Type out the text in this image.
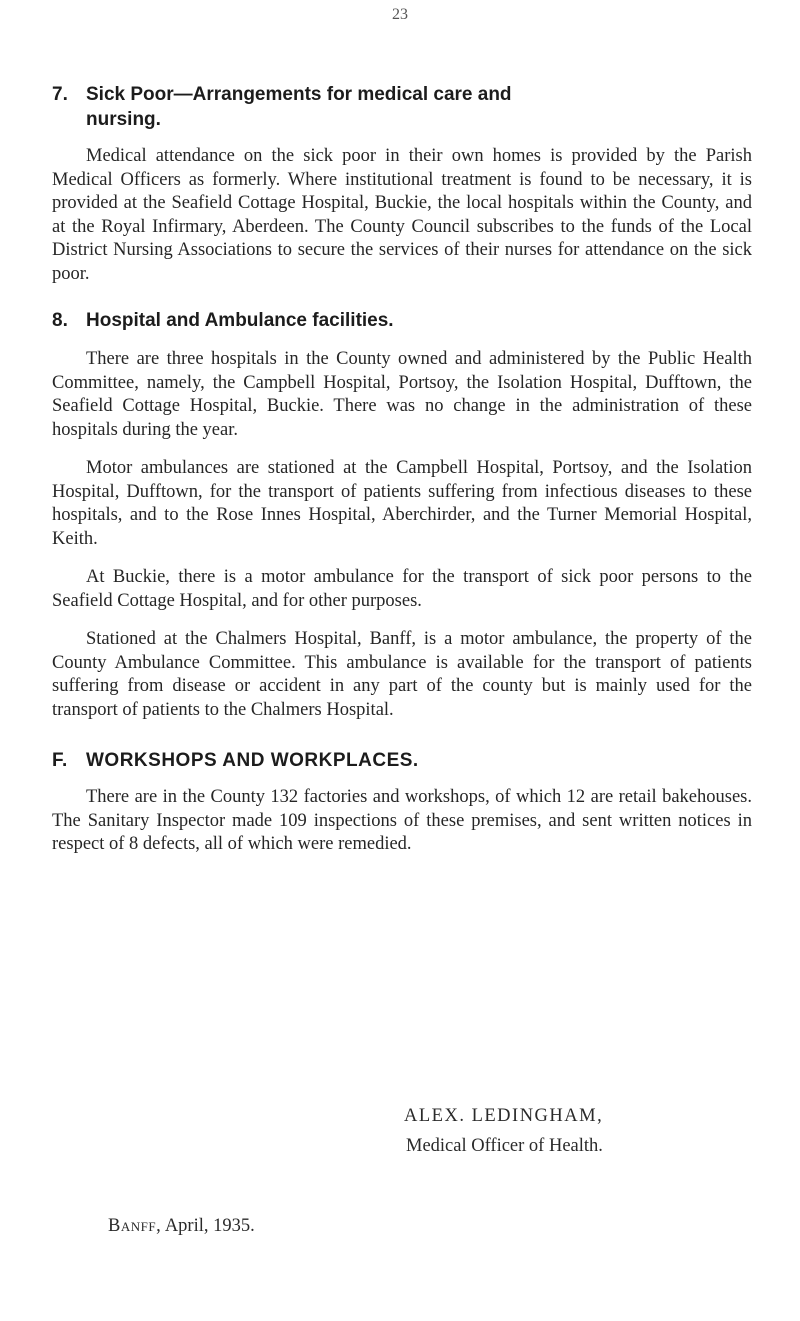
23
7. Sick Poor—Arrangements for medical care and
nursing.

Medical attendance on the sick poor in their own homes is provided by the Parish Medical Officers as formerly. Where institutional treatment is found to be necessary, it is provided at the Seafield Cottage Hospital, Buckie, the local hospitals within the County, and at the Royal Infirmary, Aberdeen. The County Council subscribes to the funds of the Local District Nursing Associations to secure the services of their nurses for attendance on the sick poor.

8. Hospital and Ambulance facilities.

There are three hospitals in the County owned and administered by the Public Health Committee, namely, the Campbell Hospital, Portsoy, the Isolation Hospital, Dufftown, the Seafield Cottage Hospital, Buckie. There was no change in the administration of these hospitals during the year.

Motor ambulances are stationed at the Campbell Hospital, Portsoy, and the Isolation Hospital, Dufftown, for the transport of patients suffering from infectious diseases to these hospitals, and to the Rose Innes Hospital, Aberchirder, and the Turner Memorial Hospital, Keith.

At Buckie, there is a motor ambulance for the transport of sick poor persons to the Seafield Cottage Hospital, and for other purposes.

Stationed at the Chalmers Hospital, Banff, is a motor ambulance, the property of the County Ambulance Committee. This ambulance is available for the transport of patients suffering from disease or accident in any part of the county but is mainly used for the transport of patients to the Chalmers Hospital.

F. WORKSHOPS AND WORKPLACES.

There are in the County 132 factories and workshops, of which 12 are retail bakehouses. The Sanitary Inspector made 109 inspections of these premises, and sent written notices in respect of 8 defects, all of which were remedied.

ALEX. LEDINGHAM,
Medical Officer of Health.
Banff, April, 1935.
